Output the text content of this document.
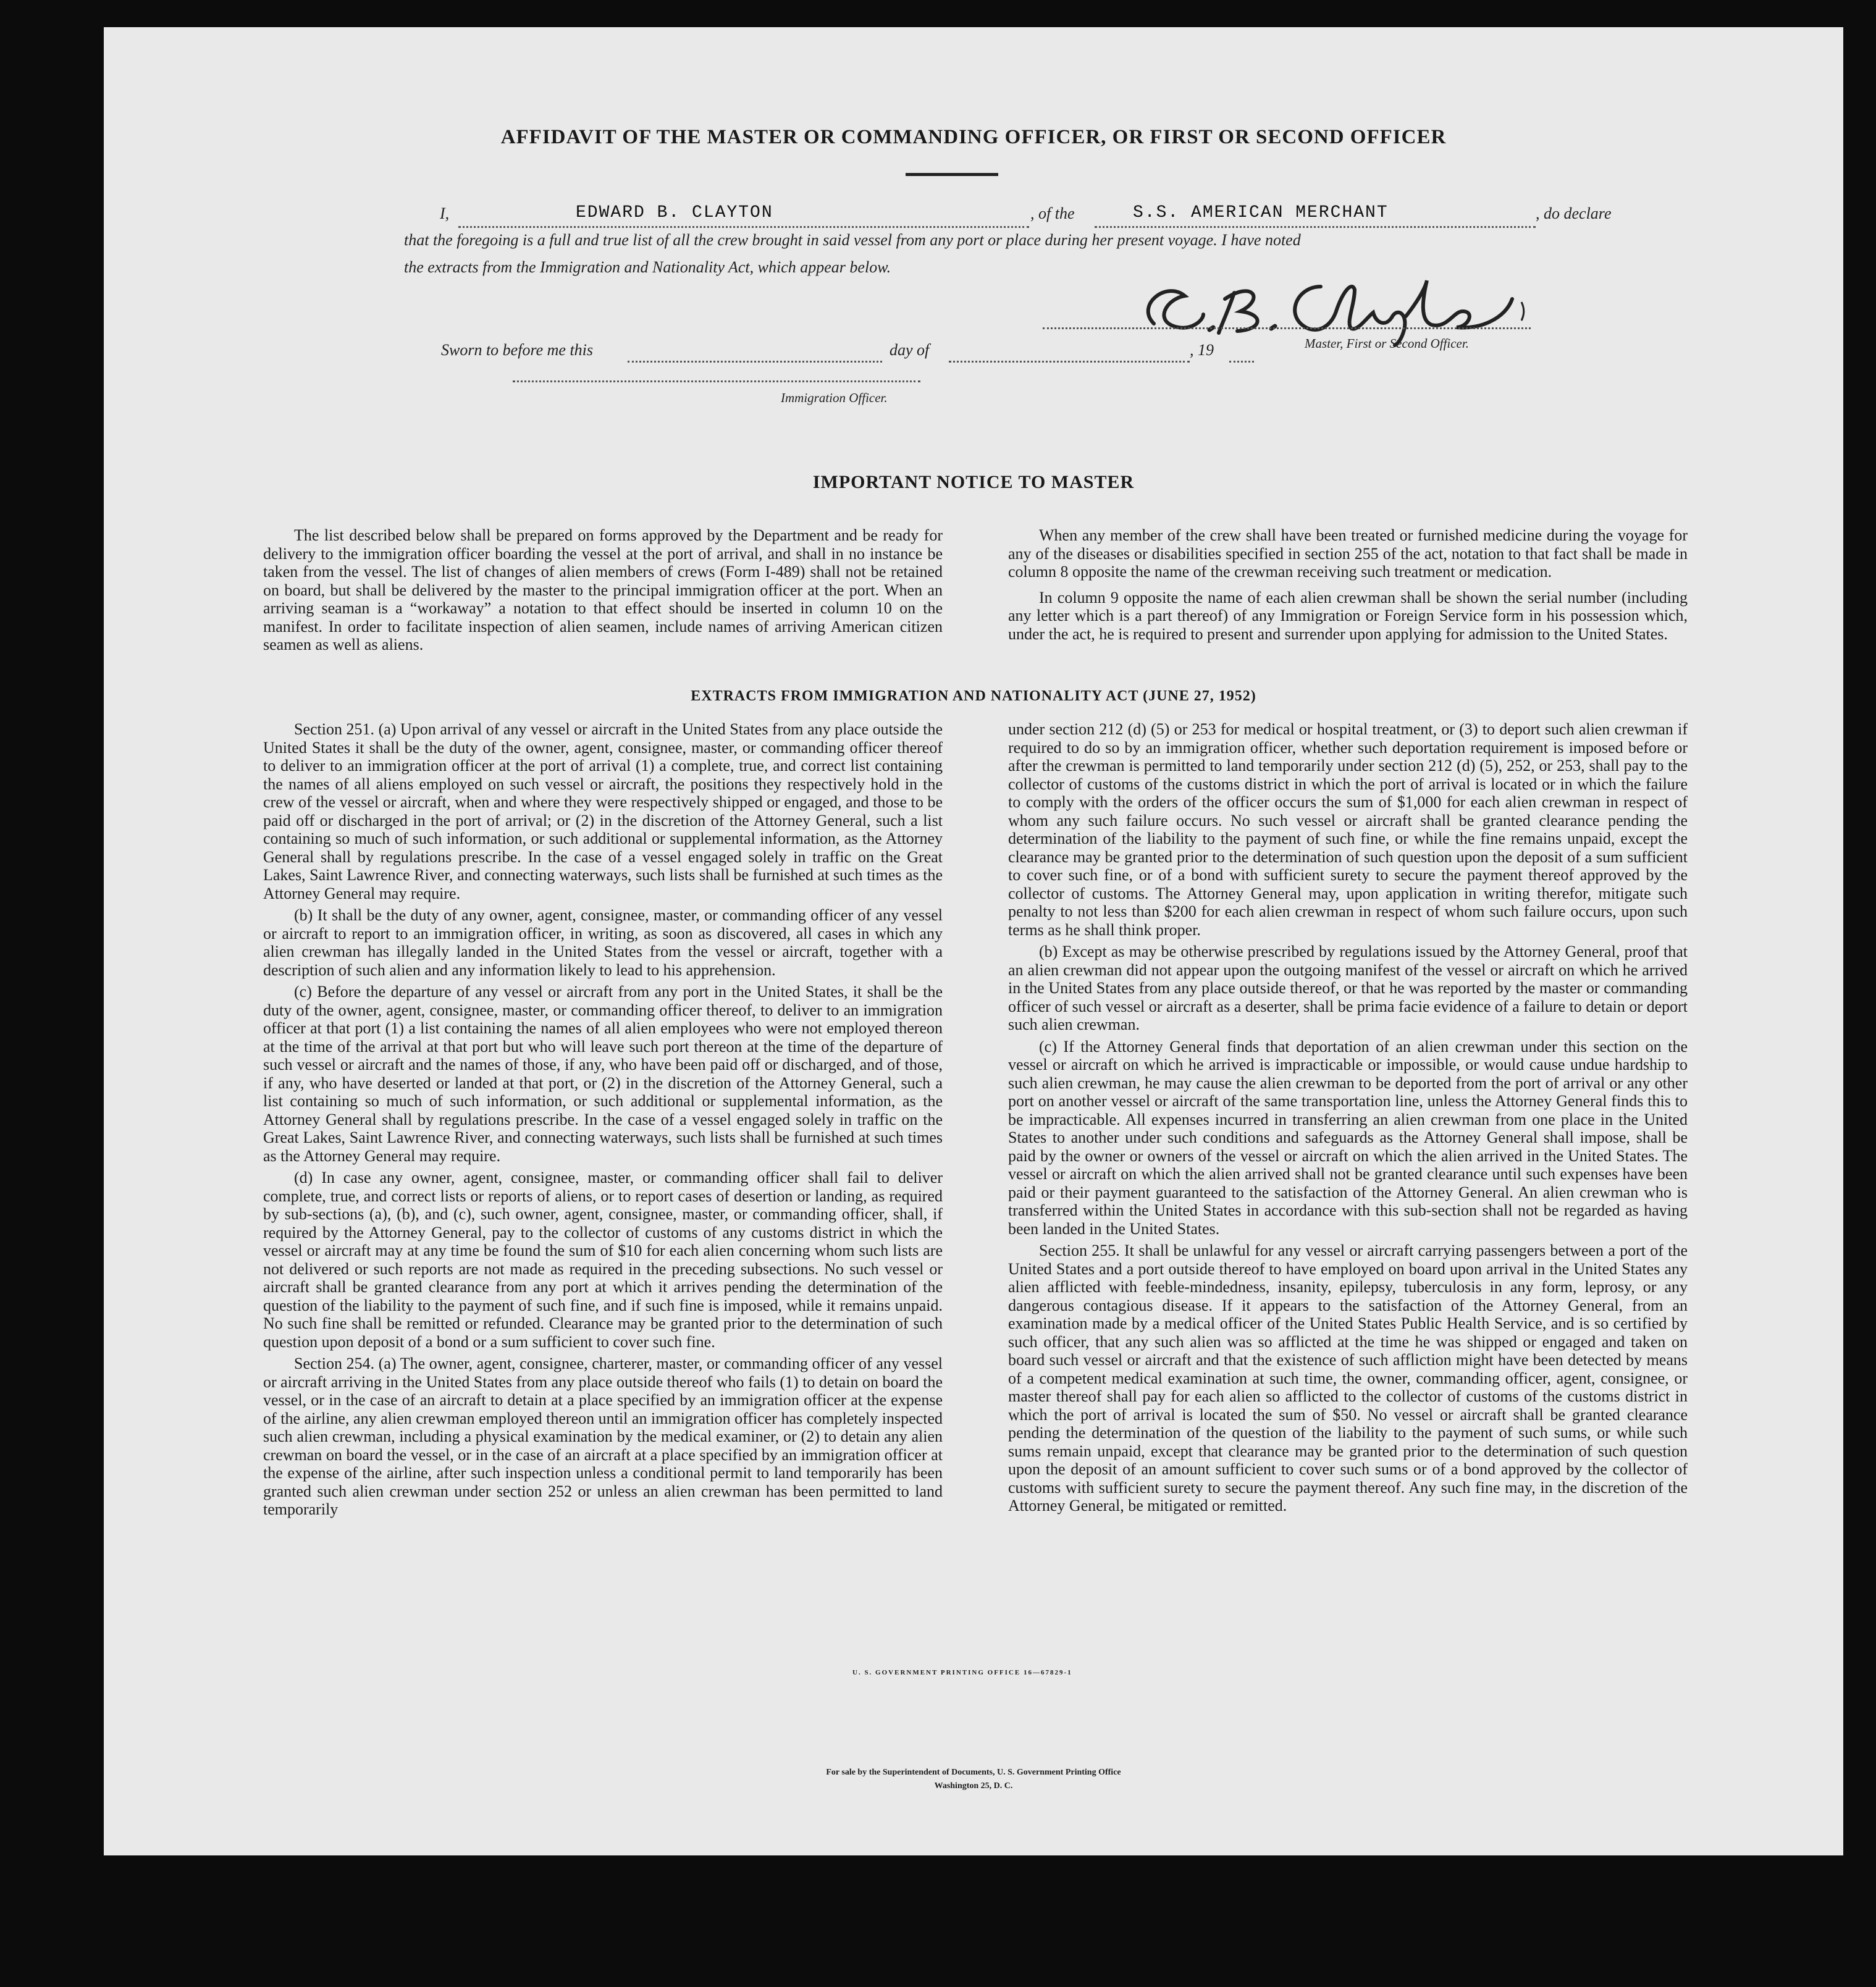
AFFIDAVIT OF THE MASTER OR COMMANDING OFFICER, OR FIRST OR SECOND OFFICER
I,	EDWARD B. CLAYTON	, of the	S.S. AMERICAN MERCHANT	, do declare
that the foregoing is a full and true list of all the crew brought in said vessel from any port or place during her present voyage. I have noted
the extracts from the Immigration and Nationality Act, which appear below.
Master, First or Second Officer.
Sworn to before me this	day of	, 19
Immigration Officer.
IMPORTANT NOTICE TO MASTER

The list described below shall be prepared on forms approved by the Department and be ready for delivery to the immigration officer boarding the vessel at the port of arrival, and shall in no instance be taken from the vessel. The list of changes of alien members of crews (Form I-489) shall not be retained on board, but shall be delivered by the master to the principal immigration officer at the port. When an arriving seaman is a “workaway” a notation to that effect should be inserted in column 10 on the manifest. In order to facilitate inspection of alien seamen, include names of arriving American citizen seamen as well as aliens.

When any member of the crew shall have been treated or furnished medicine during the voyage for any of the diseases or disabilities specified in section 255 of the act, notation to that fact shall be made in column 8 opposite the name of the crewman receiving such treatment or medication.

In column 9 opposite the name of each alien crewman shall be shown the serial number (including any letter which is a part thereof) of any Immigration or Foreign Service form in his possession which, under the act, he is required to present and surrender upon applying for admission to the United States.

EXTRACTS FROM IMMIGRATION AND NATIONALITY ACT (JUNE 27, 1952)

Section 251. (a) Upon arrival of any vessel or aircraft in the United States from any place outside the United States it shall be the duty of the owner, agent, consignee, master, or commanding officer thereof to deliver to an immigration officer at the port of arrival (1) a complete, true, and correct list containing the names of all aliens employed on such vessel or aircraft, the positions they respectively hold in the crew of the vessel or aircraft, when and where they were respectively shipped or engaged, and those to be paid off or discharged in the port of arrival; or (2) in the discretion of the Attorney General, such a list containing so much of such information, or such additional or supplemental information, as the Attorney General shall by regulations prescribe. In the case of a vessel engaged solely in traffic on the Great Lakes, Saint Lawrence River, and connecting waterways, such lists shall be furnished at such times as the Attorney General may require.

(b) It shall be the duty of any owner, agent, consignee, master, or commanding officer of any vessel or aircraft to report to an immigration officer, in writing, as soon as discovered, all cases in which any alien crewman has illegally landed in the United States from the vessel or aircraft, together with a description of such alien and any information likely to lead to his apprehension.

(c) Before the departure of any vessel or aircraft from any port in the United States, it shall be the duty of the owner, agent, consignee, master, or commanding officer thereof, to deliver to an immigration officer at that port (1) a list containing the names of all alien employees who were not employed thereon at the time of the arrival at that port but who will leave such port thereon at the time of the departure of such vessel or aircraft and the names of those, if any, who have been paid off or discharged, and of those, if any, who have deserted or landed at that port, or (2) in the discretion of the Attorney General, such a list containing so much of such information, or such additional or supplemental information, as the Attorney General shall by regulations prescribe. In the case of a vessel engaged solely in traffic on the Great Lakes, Saint Lawrence River, and connecting waterways, such lists shall be furnished at such times as the Attorney General may require.

(d) In case any owner, agent, consignee, master, or commanding officer shall fail to deliver complete, true, and correct lists or reports of aliens, or to report cases of desertion or landing, as required by sub-sections (a), (b), and (c), such owner, agent, consignee, master, or commanding officer, shall, if required by the Attorney General, pay to the collector of customs of any customs district in which the vessel or aircraft may at any time be found the sum of $10 for each alien concerning whom such lists are not delivered or such reports are not made as required in the preceding subsections. No such vessel or aircraft shall be granted clearance from any port at which it arrives pending the determination of the question of the liability to the payment of such fine, and if such fine is imposed, while it remains unpaid. No such fine shall be remitted or refunded. Clearance may be granted prior to the determination of such question upon deposit of a bond or a sum sufficient to cover such fine.

Section 254. (a) The owner, agent, consignee, charterer, master, or commanding officer of any vessel or aircraft arriving in the United States from any place outside thereof who fails (1) to detain on board the vessel, or in the case of an aircraft to detain at a place specified by an immigration officer at the expense of the airline, any alien crewman employed thereon until an immigration officer has completely inspected such alien crewman, including a physical examination by the medical examiner, or (2) to detain any alien crewman on board the vessel, or in the case of an aircraft at a place specified by an immigration officer at the expense of the airline, after such inspection unless a conditional permit to land temporarily has been granted such alien crewman under section 252 or unless an alien crewman has been permitted to land temporarily

under section 212 (d) (5) or 253 for medical or hospital treatment, or (3) to deport such alien crewman if required to do so by an immigration officer, whether such deportation requirement is imposed before or after the crewman is permitted to land temporarily under section 212 (d) (5), 252, or 253, shall pay to the collector of customs of the customs district in which the port of arrival is located or in which the failure to comply with the orders of the officer occurs the sum of $1,000 for each alien crewman in respect of whom any such failure occurs. No such vessel or aircraft shall be granted clearance pending the determination of the liability to the payment of such fine, or while the fine remains unpaid, except the clearance may be granted prior to the determination of such question upon the deposit of a sum sufficient to cover such fine, or of a bond with sufficient surety to secure the payment thereof approved by the collector of customs. The Attorney General may, upon application in writing therefor, mitigate such penalty to not less than $200 for each alien crewman in respect of whom such failure occurs, upon such terms as he shall think proper.

(b) Except as may be otherwise prescribed by regulations issued by the Attorney General, proof that an alien crewman did not appear upon the outgoing manifest of the vessel or aircraft on which he arrived in the United States from any place outside thereof, or that he was reported by the master or commanding officer of such vessel or aircraft as a deserter, shall be prima facie evidence of a failure to detain or deport such alien crewman.

(c) If the Attorney General finds that deportation of an alien crewman under this section on the vessel or aircraft on which he arrived is impracticable or impossible, or would cause undue hardship to such alien crewman, he may cause the alien crewman to be deported from the port of arrival or any other port on another vessel or aircraft of the same transportation line, unless the Attorney General finds this to be impracticable. All expenses incurred in transferring an alien crewman from one place in the United States to another under such conditions and safeguards as the Attorney General shall impose, shall be paid by the owner or owners of the vessel or aircraft on which the alien arrived in the United States. The vessel or aircraft on which the alien arrived shall not be granted clearance until such expenses have been paid or their payment guaranteed to the satisfaction of the Attorney General. An alien crewman who is transferred within the United States in accordance with this sub-section shall not be regarded as having been landed in the United States.

Section 255. It shall be unlawful for any vessel or aircraft carrying passengers between a port of the United States and a port outside thereof to have employed on board upon arrival in the United States any alien afflicted with feeble-mindedness, insanity, epilepsy, tuberculosis in any form, leprosy, or any dangerous contagious disease. If it appears to the satisfaction of the Attorney General, from an examination made by a medical officer of the United States Public Health Service, and is so certified by such officer, that any such alien was so afflicted at the time he was shipped or engaged and taken on board such vessel or aircraft and that the existence of such affliction might have been detected by means of a competent medical examination at such time, the owner, commanding officer, agent, consignee, or master thereof shall pay for each alien so afflicted to the collector of customs of the customs district in which the port of arrival is located the sum of $50. No vessel or aircraft shall be granted clearance pending the determination of the question of the liability to the payment of such sums, or while such sums remain unpaid, except that clearance may be granted prior to the determination of such question upon the deposit of an amount sufficient to cover such sums or of a bond approved by the collector of customs with sufficient surety to secure the payment thereof. Any such fine may, in the discretion of the Attorney General, be mitigated or remitted.

U. S. GOVERNMENT PRINTING OFFICE 16—67829-1
For sale by the Superintendent of Documents, U. S. Government Printing Office
Washington 25, D. C.
